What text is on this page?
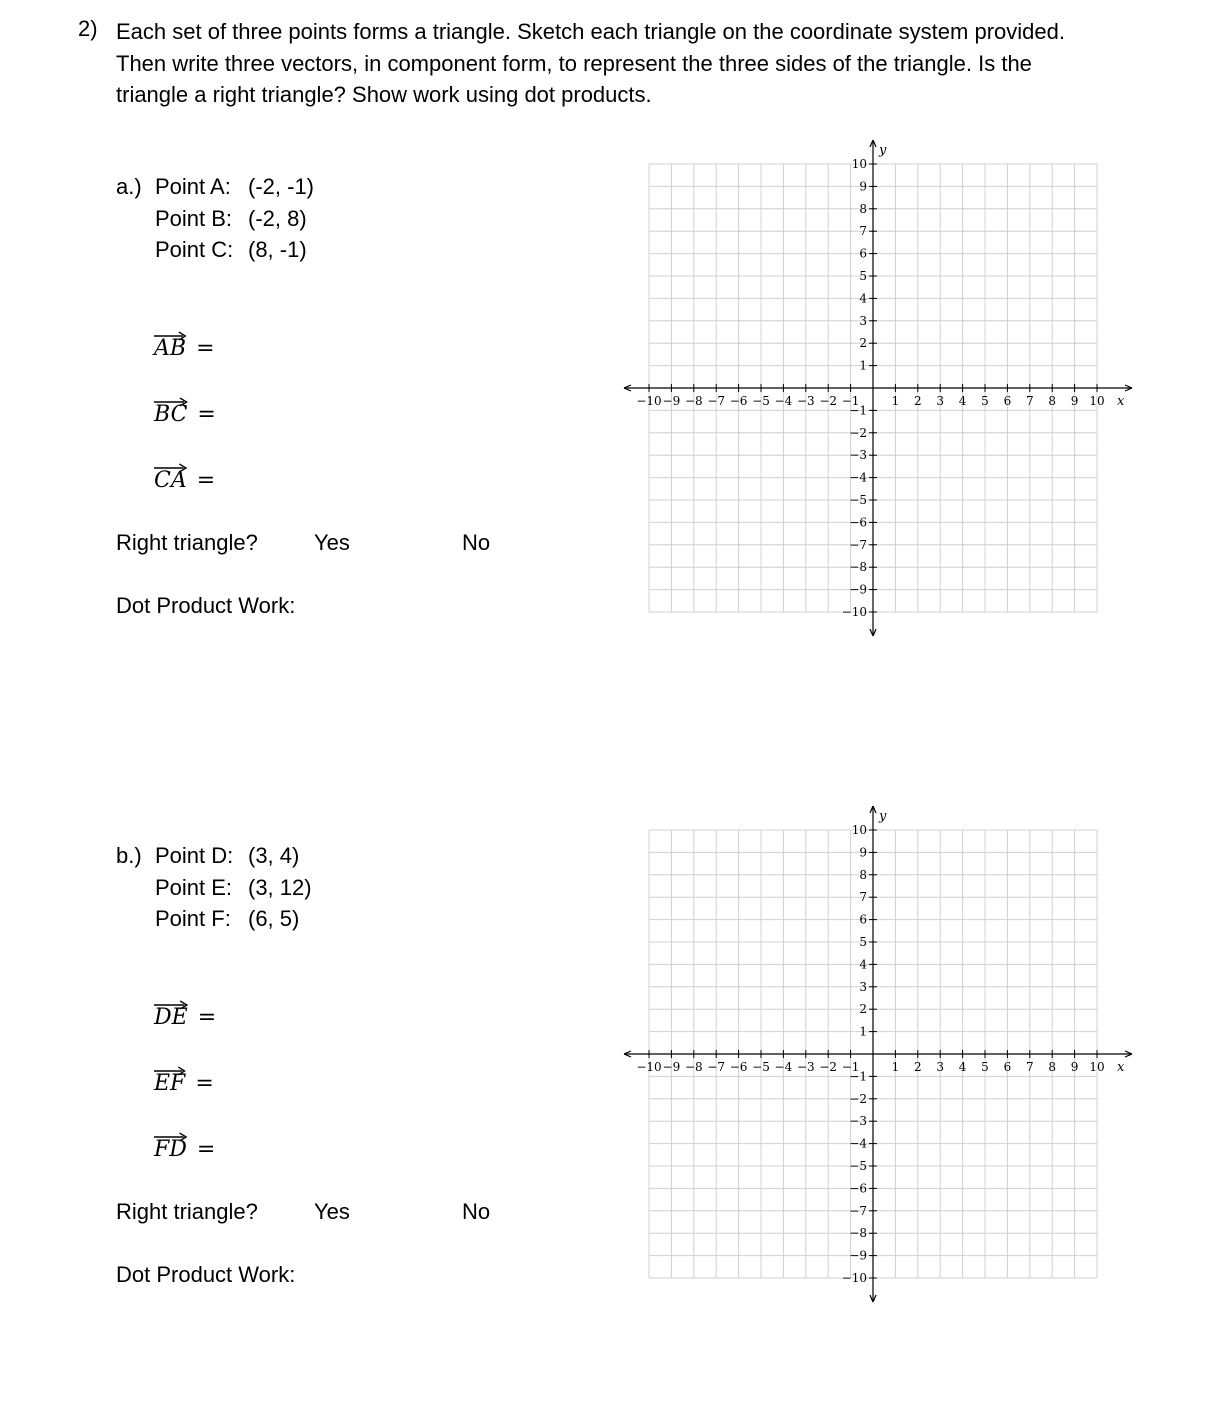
2) Each set of three points forms a triangle. Sketch each triangle on the coordinate system provided.
Then write three vectors, in component form, to represent the three sides of the triangle. Is the
triangle a right triangle? Show work using dot products.
a.) Point A: (-2, -1)
Point B: (-2, 8)
Point C: (8, -1)
AB =
BC =
CA =
Right triangle?	Yes	No
Dot Product Work:
1 2 3 4 5 6 7 8 9 10
−10 −9 −8 −7 −6 −5 −4 −3 −2 −1
10
9
8
7
6
5
4
3
2
1
−1
−2
−3
−4
−5
−6
−7
−8
−9
−10
x
y
b.) Point D: (3, 4)
Point E: (3, 12)
Point F: (6, 5)
DE =
EF =
FD =
Right triangle?	Yes	No
Dot Product Work:
1 2 3 4 5 6 7 8 9 10
−10 −9 −8 −7 −6 −5 −4 −3 −2 −1
10
9
8
7
6
5
4
3
2
1
−1
−2
−3
−4
−5
−6
−7
−8
−9
−10
x
y
